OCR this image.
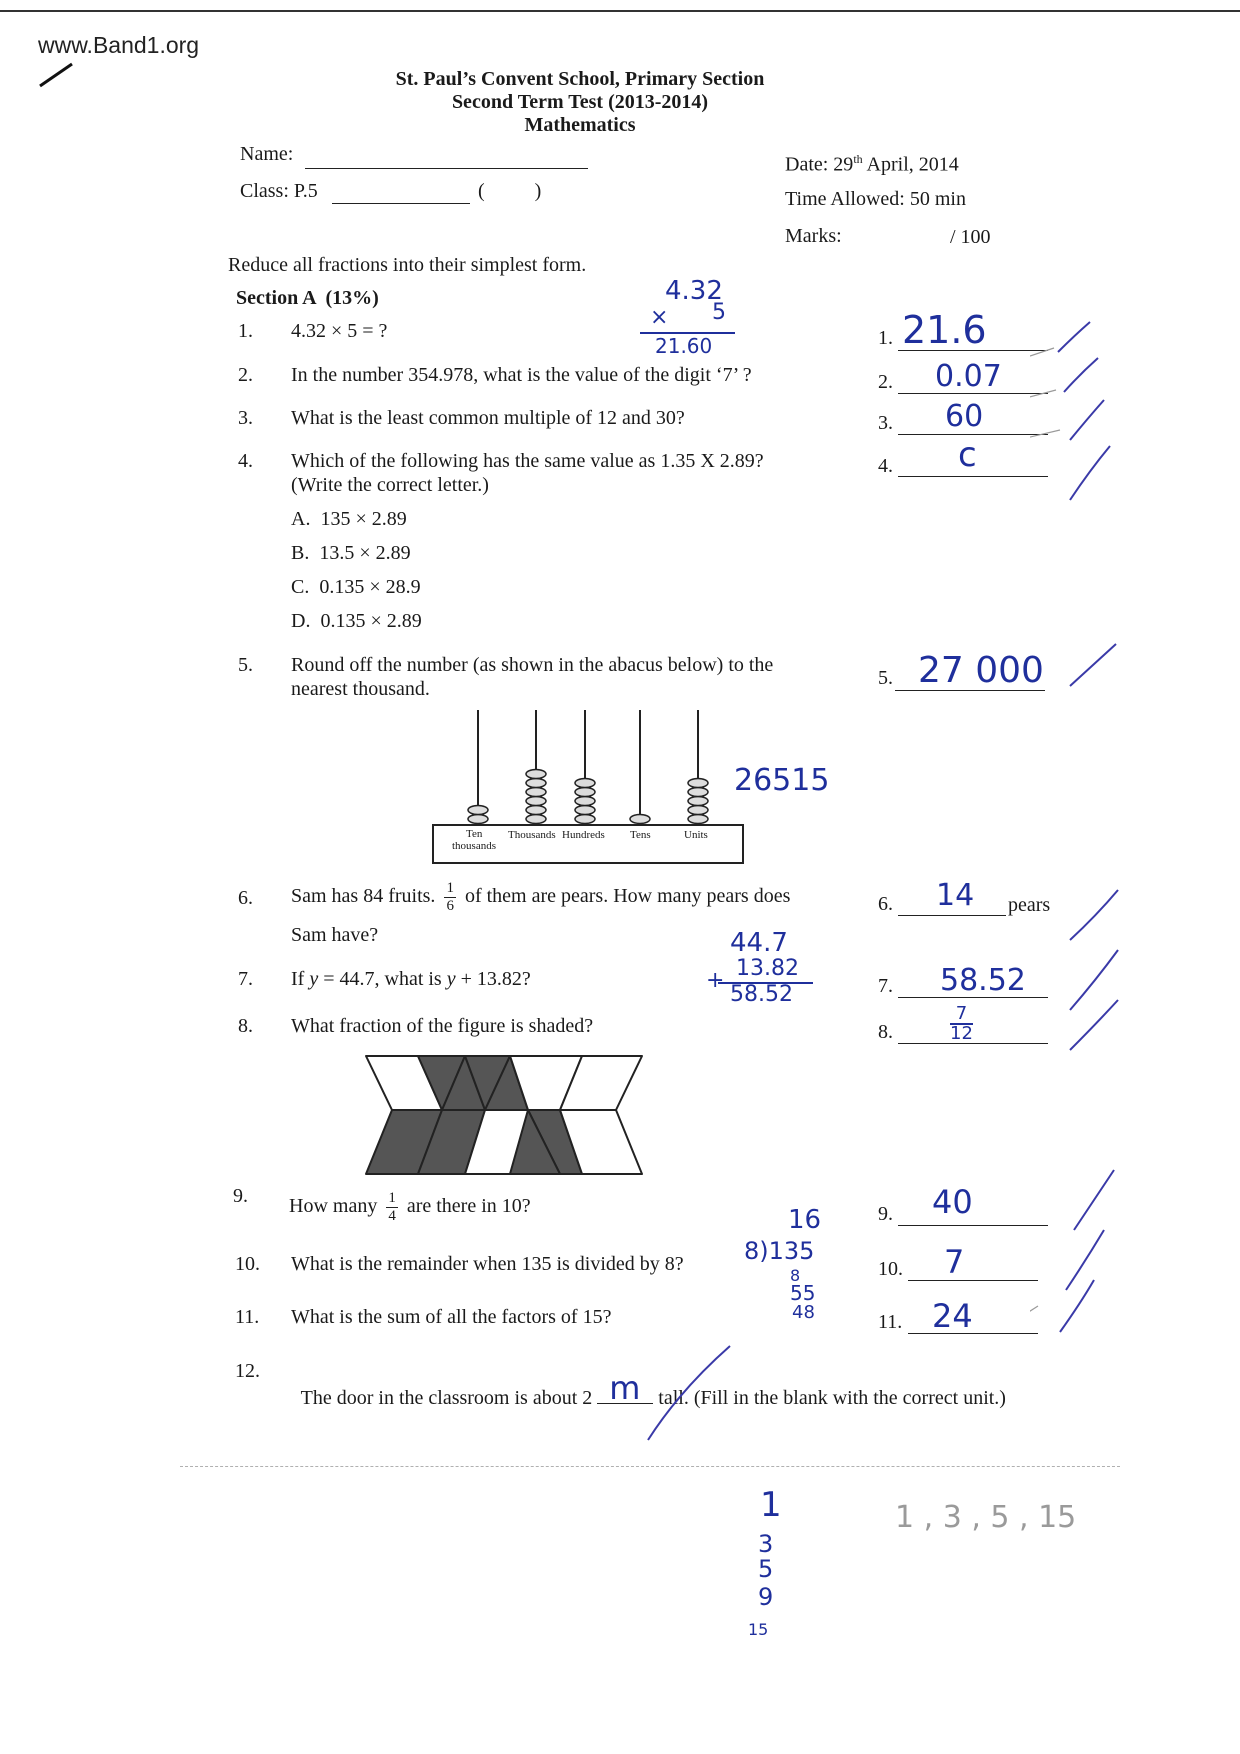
www.Band1.org
St. Paul’s Convent School, Primary Section
Second Term Test (2013-2014)
Mathematics
Name:
Class: P.5	(          )
Date: 29th April, 2014
Time Allowed: 50 min
Marks:	/ 100
Reduce all fractions into their simplest form.
Section A  (13%)
1. 4.32 × 5 = ?
4.32
× 5
21.60	1. 21.6
2. In the number 354.978, what is the value of the digit ‘7’ ?	2. 0.07
3. What is the least common multiple of 12 and 30?	3. 60
4. Which of the following has the same value as 1.35 X 2.89?
(Write the correct letter.)
A.  135 × 2.89
B.  13.5 × 2.89
C.  0.135 × 28.9
D.  0.135 × 2.89
4. c
5. Round off the number (as shown in the abacus below) to the
nearest thousand.	5. 27 000
Ten
thousands
Thousands Hundreds Tens	Units
26515
6. Sam has 84 fruits. $\frac{1}{6}$ of them are pears. How many pears does
Sam have?
6. 14 pears
7. If y = 44.7, what is y + 13.82?
44.7
13.82
+
58.52	7. 58.52
8. What fraction of the figure is shaded?	8.	$\frac{7}{12}$
9. How many $\frac{1}{4}$ are there in 10?	9. 40
10. What is the remainder when 135 is divided by 8?
16
8)135
8
55
48
10. 7
11. What is the sum of all the factors of 15?	11. 24
12.

The door in the classroom is about 2 m tall. (Fill in the blank with the correct unit.)

1
3
5
9
15
1 , 3 , 5 , 15
